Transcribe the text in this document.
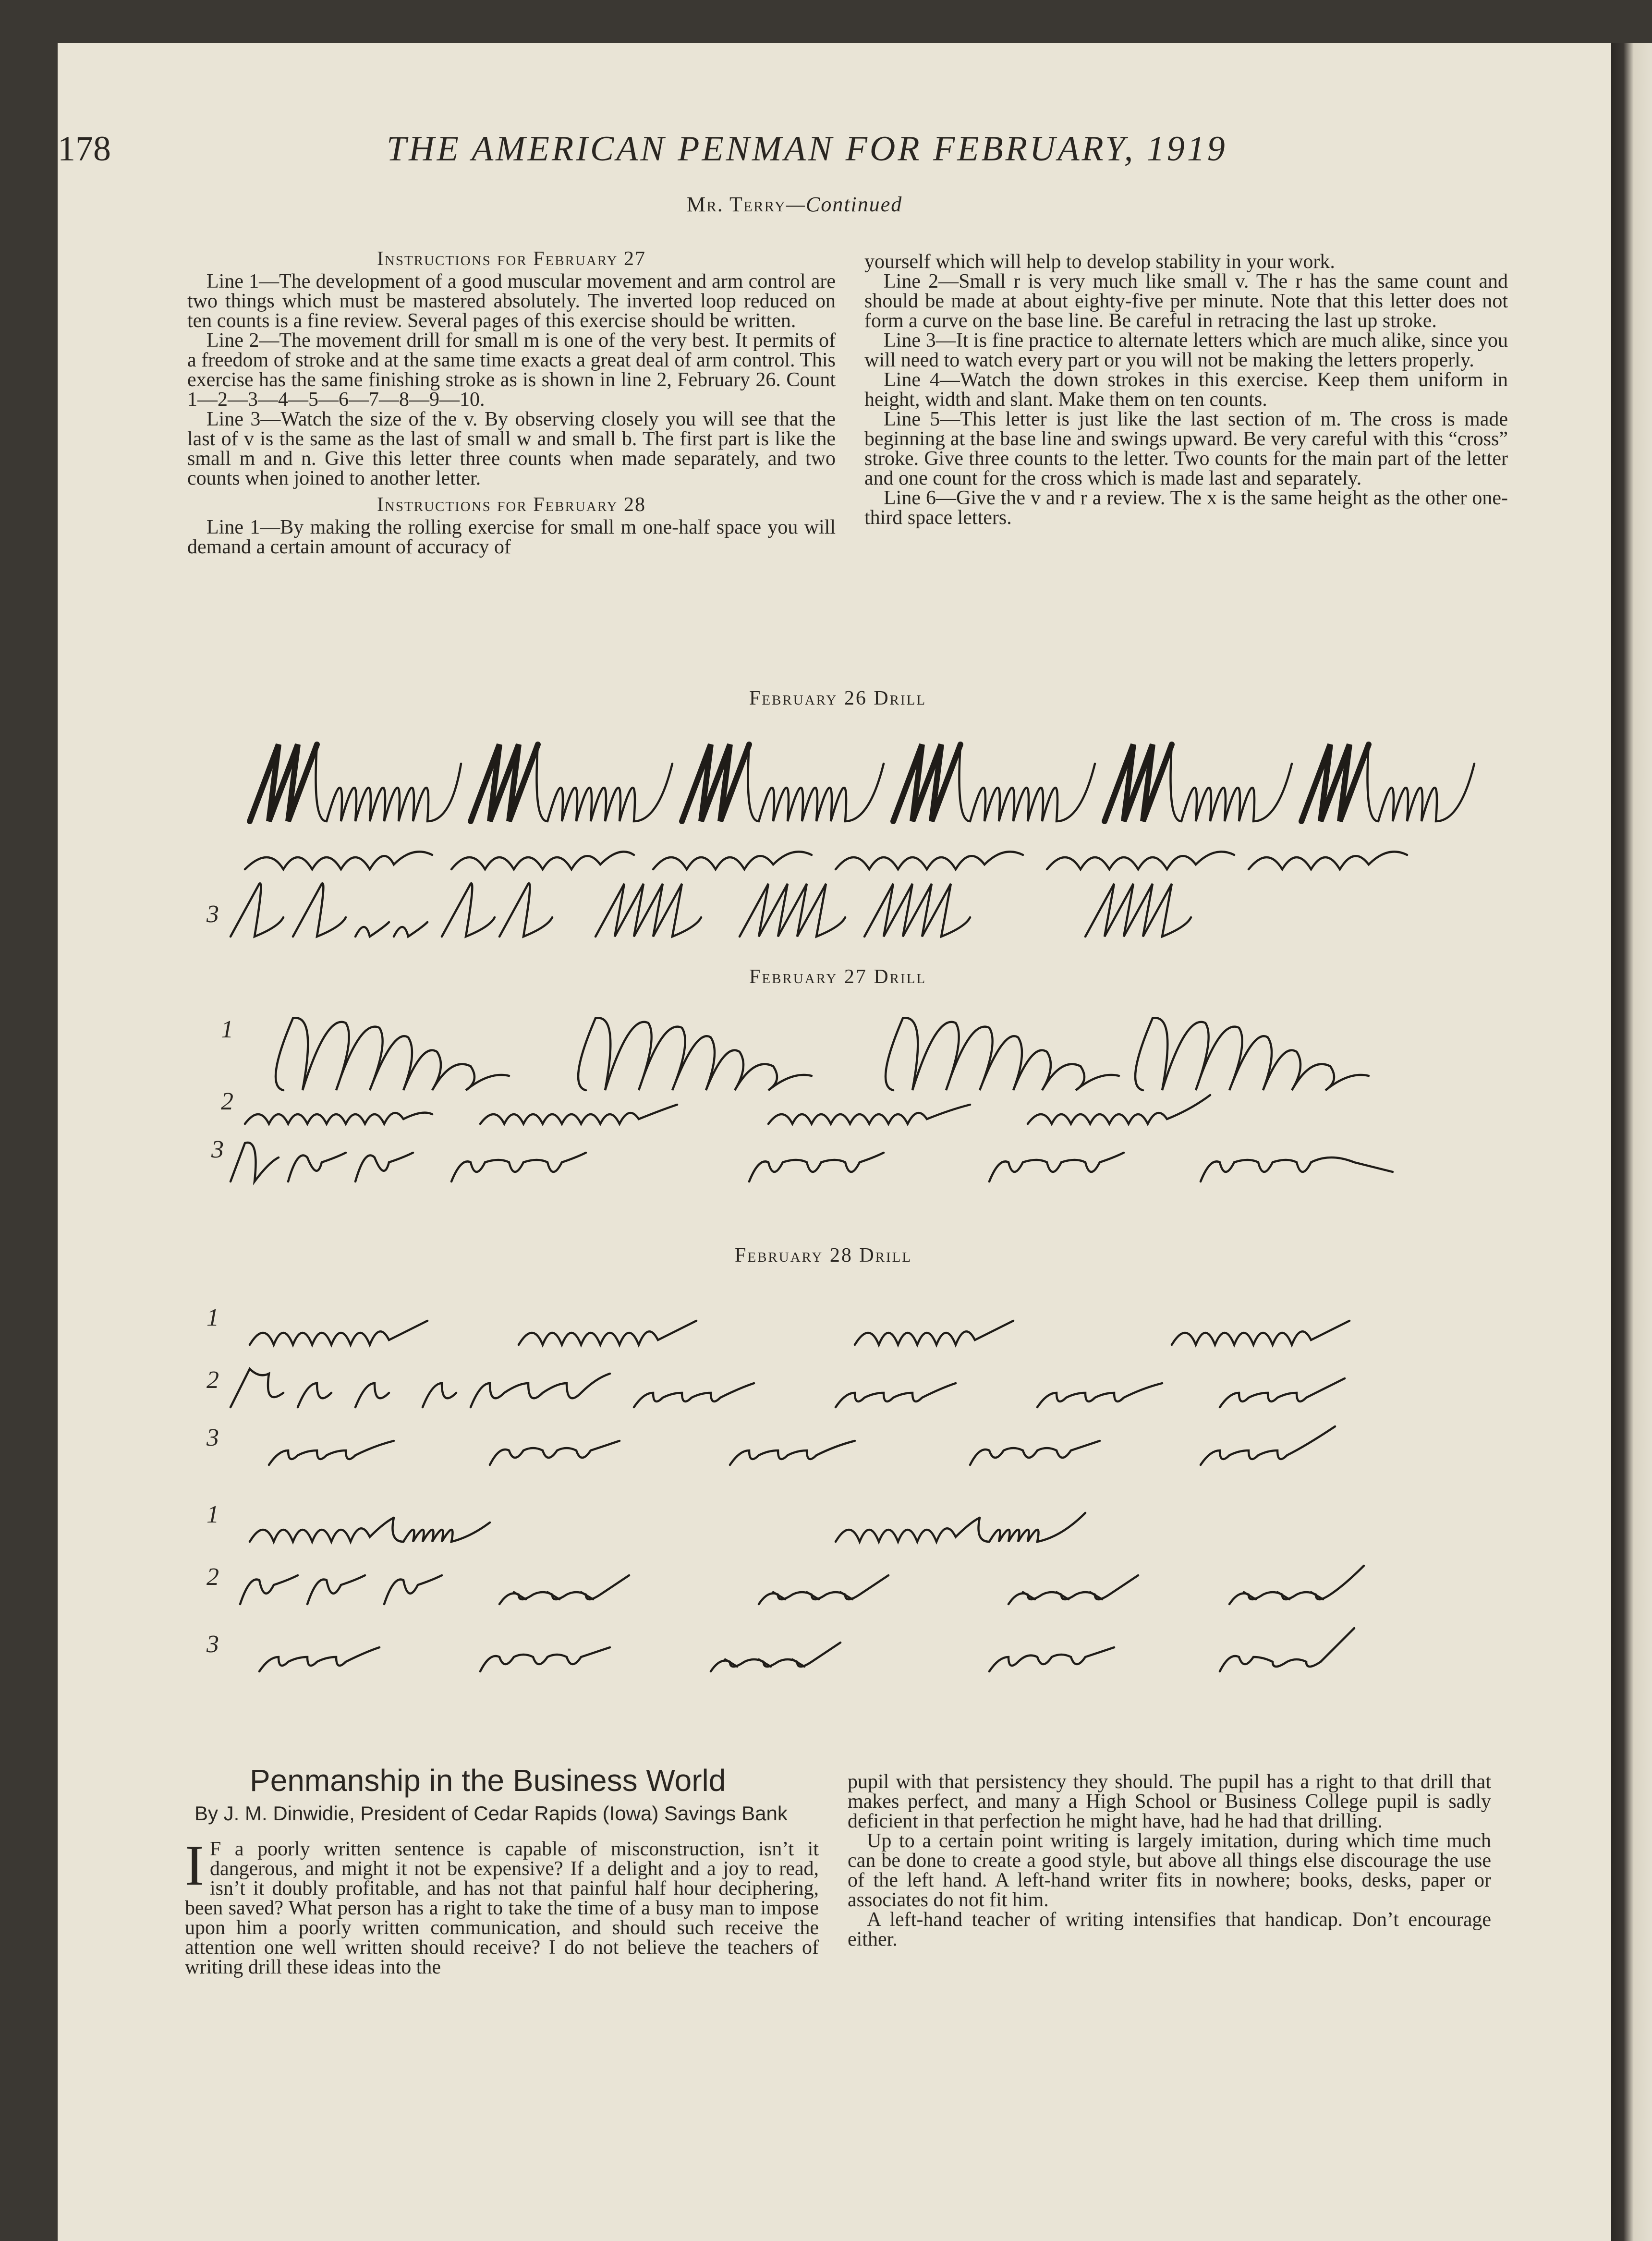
178	THE AMERICAN PENMAN FOR FEBRUARY, 1919
Mr. Terry—Continued
Instructions for February 27

Line 1—The development of a good muscular movement and arm control are two things which must be mastered absolutely. The inverted loop reduced on ten counts is a fine review. Several pages of this exercise should be written.

Line 2—The movement drill for small m is one of the very best. It permits of a freedom of stroke and at the same time exacts a great deal of arm control. This exercise has the same finishing stroke as is shown in line 2, February 26. Count 1—2—3—4—5—6—7—8—9—10.

Line 3—Watch the size of the v. By observing closely you will see that the last of v is the same as the last of small w and small b. The first part is like the small m and n. Give this letter three counts when made separately, and two counts when joined to another letter.

Instructions for February 28

Line 1—By making the rolling exercise for small m one-half space you will demand a certain amount of accuracy of

yourself which will help to develop stability in your work.

Line 2—Small r is very much like small v. The r has the same count and should be made at about eighty-five per minute. Note that this letter does not form a curve on the base line. Be careful in retracing the last up stroke.

Line 3—It is fine practice to alternate letters which are much alike, since you will need to watch every part or you will not be making the letters properly.

Line 4—Watch the down strokes in this exercise. Keep them uniform in height, width and slant. Make them on ten counts.

Line 5—This letter is just like the last section of m. The cross is made beginning at the base line and swings upward. Be very careful with this “cross” stroke. Give three counts to the letter. Two counts for the main part of the letter and one count for the cross which is made last and separately.

Line 6—Give the v and r a review. The x is the same height as the other one-third space letters.

February 26 Drill
3
February 27 Drill
1
2
3
February 28 Drill
1
2
3
1
2
3
Penmanship in the Business World
By J. M. Dinwidie, President of Cedar Rapids (Iowa) Savings Bank
I F a poorly written sentence is capable of misconstruction, isn’t it dangerous, and might it not be expensive? If a delight and a joy to read, isn’t it doubly profitable, and has not that painful half hour deciphering, been saved? What person has a right to take the time of a busy man to impose upon him a poorly written communication, and should such receive the attention one well written should receive? I do not believe the teachers of writing drill these ideas into the

pupil with that persistency they should. The pupil has a right to that drill that makes perfect, and many a High School or Business College pupil is sadly deficient in that perfection he might have, had he had that drilling.

Up to a certain point writing is largely imitation, during which time much can be done to create a good style, but above all things else discourage the use of the left hand. A left-hand writer fits in nowhere; books, desks, paper or associates do not fit him.

A left-hand teacher of writing intensifies that handicap. Don’t encourage either.
